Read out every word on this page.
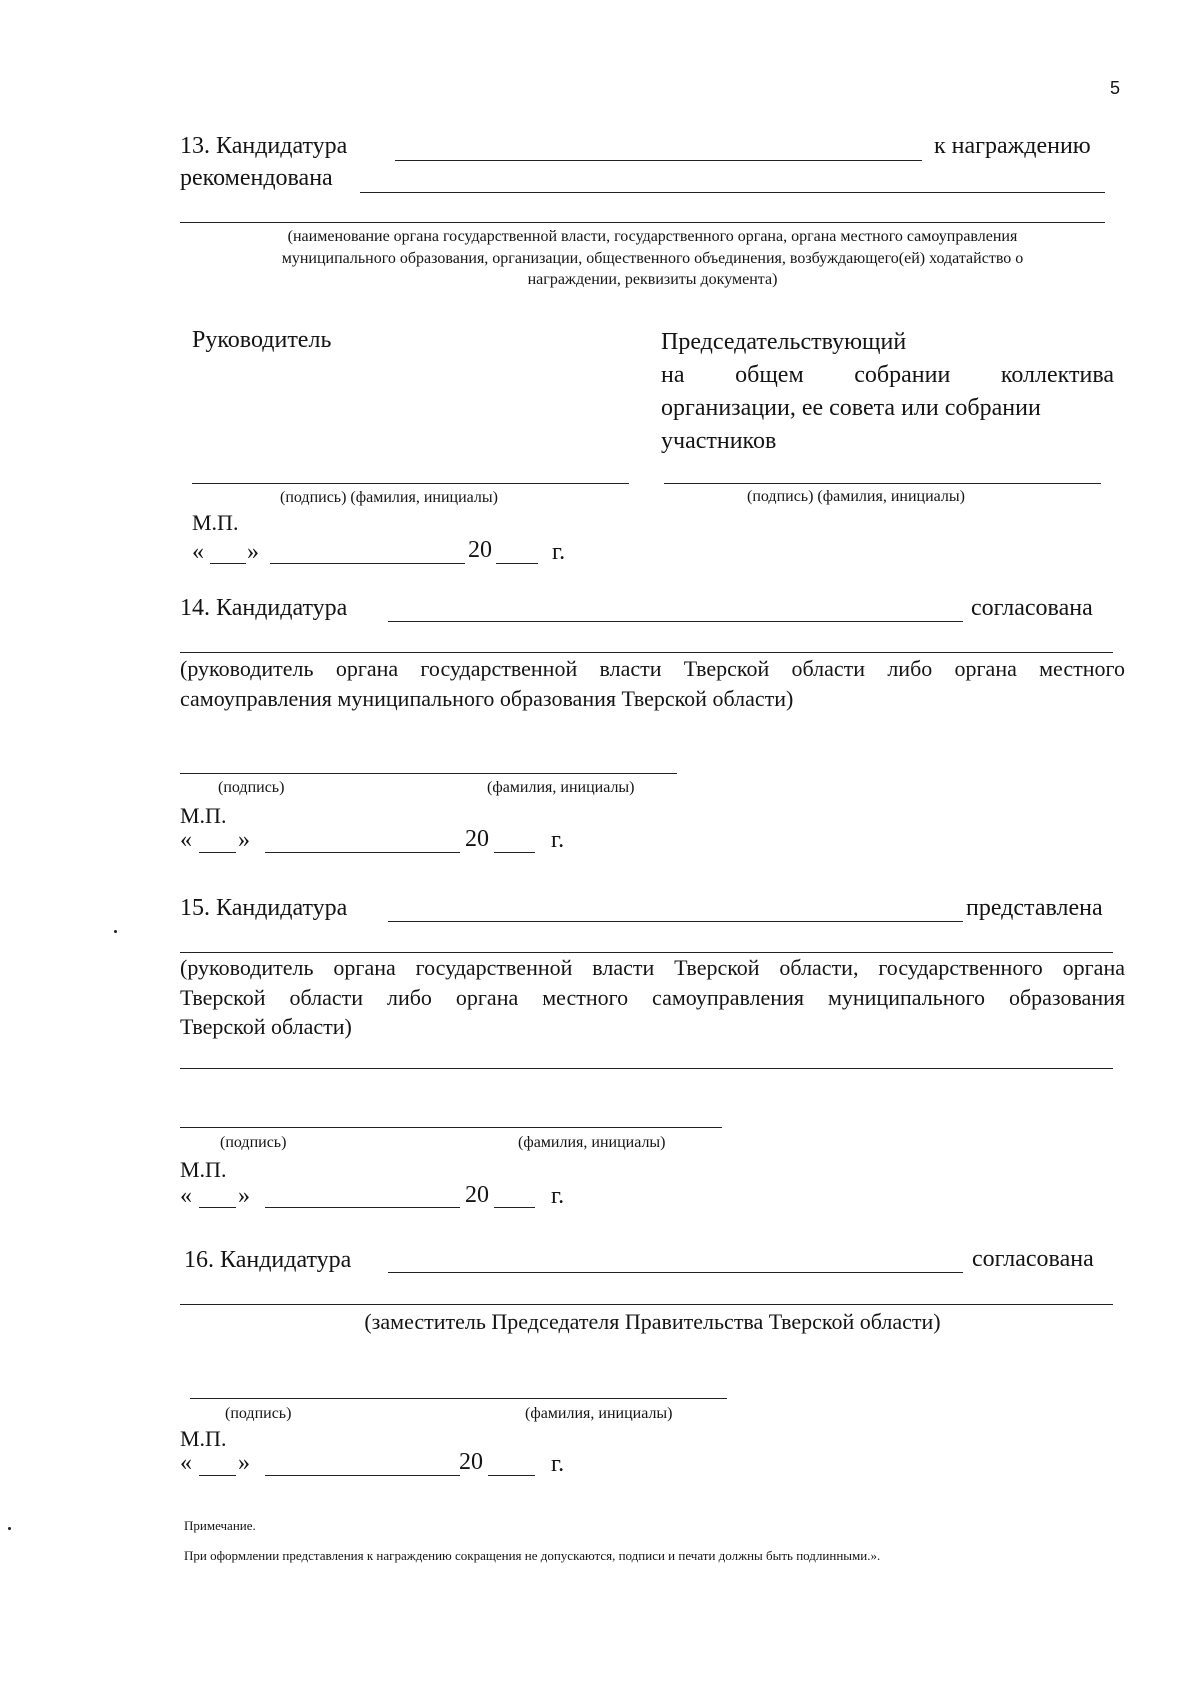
5
13. Кандидатура	к награждению
рекомендована
(наименование органа государственной власти, государственного органа, органа местного самоуправления
муниципального образования, организации, общественного объединения, возбуждающего(ей) ходатайство о
награждении, реквизиты документа)
Руководитель	Председательствующий
на общем собрании коллектива
организации, ее совета или собрании
участников
(подпись) (фамилия, инициалы)	(подпись) (фамилия, инициалы)
М.П.
« »	20	г.
14. Кандидатура	согласована
(руководитель органа государственной власти Тверской области либо органа местного
самоуправления муниципального образования Тверской области)
(подпись)	(фамилия, инициалы)
М.П.
« »	20	г.
15. Кандидатура	представлена
(руководитель органа государственной власти Тверской области, государственного органа
Тверской области либо органа местного самоуправления муниципального образования
Тверской области)
(подпись)	(фамилия, инициалы)
М.П.
« »	20	г.
16. Кандидатура	согласована
(заместитель Председателя Правительства Тверской области)
(подпись)	(фамилия, инициалы)
М.П.
« »	20	г.
Примечание.
При оформлении представления к награждению сокращения не допускаются, подписи и печати должны быть подлинными.».
